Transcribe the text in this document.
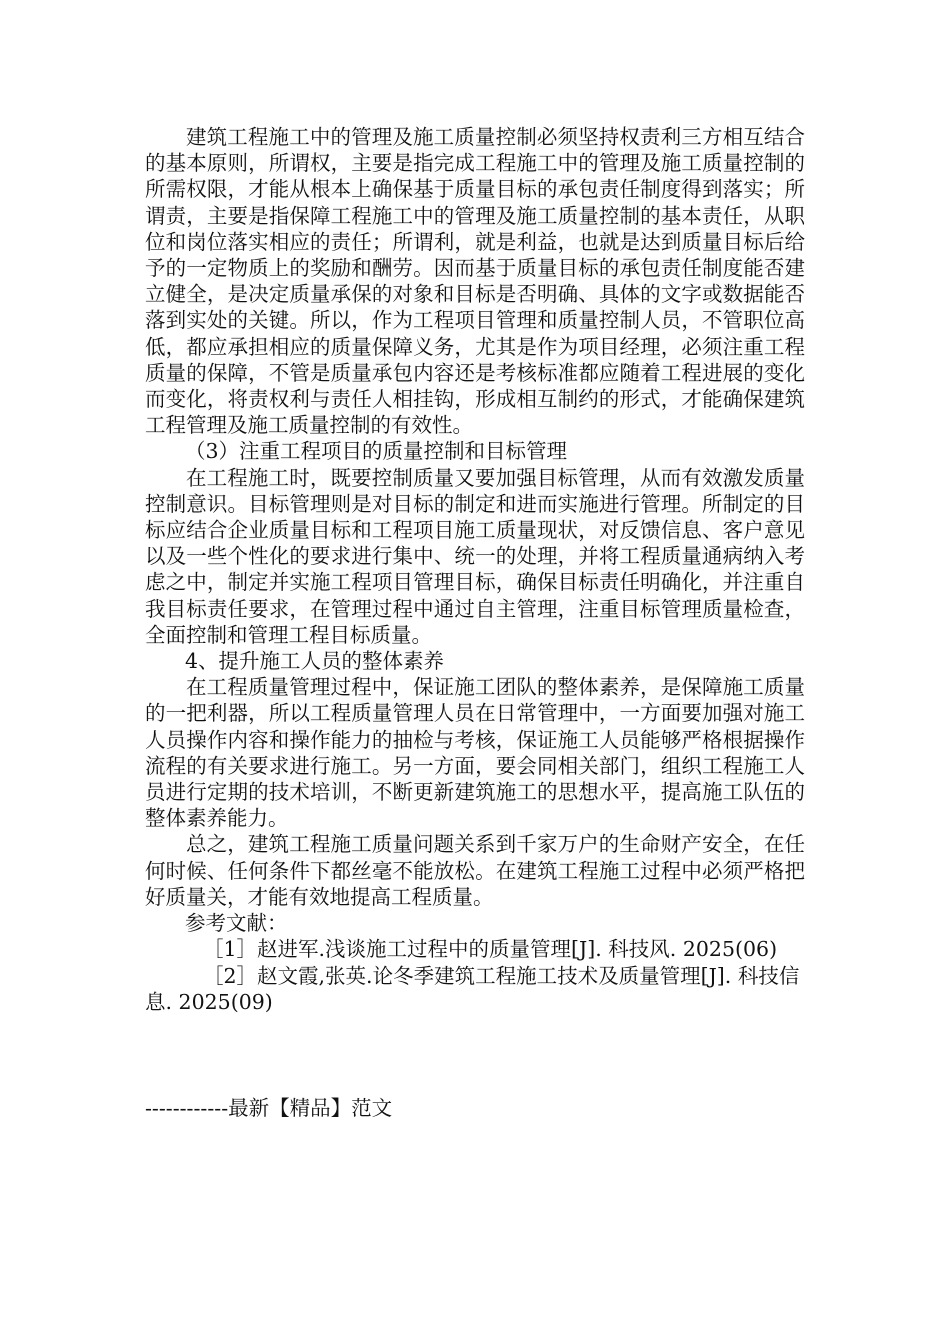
建筑工程施工中的管理及施工质量控制必须坚持权责利三方相互结合的基本原则，所谓权，主要是指完成工程施工中的管理及施工质量控制的所需权限，才能从根本上确保基于质量目标的承包责任制度得到落实；所谓责，主要是指保障工程施工中的管理及施工质量控制的基本责任，从职位和岗位落实相应的责任；所谓利，就是利益，也就是达到质量目标后给予的一定物质上的奖励和酬劳。因而基于质量目标的承包责任制度能否建立健全，是决定质量承保的对象和目标是否明确、具体的文字或数据能否落到实处的关键。所以，作为工程项目管理和质量控制人员，不管职位高低，都应承担相应的质量保障义务，尤其是作为项目经理，必须注重工程质量的保障，不管是质量承包内容还是考核标准都应随着工程进展的变化而变化，将责权利与责任人相挂钩，形成相互制约的形式，才能确保建筑工程管理及施工质量控制的有效性。

（3）注重工程项目的质量控制和目标管理

在工程施工时，既要控制质量又要加强目标管理，从而有效激发质量控制意识。目标管理则是对目标的制定和进而实施进行管理。所制定的目标应结合企业质量目标和工程项目施工质量现状，对反馈信息、客户意见以及一些个性化的要求进行集中、统一的处理，并将工程质量通病纳入考虑之中，制定并实施工程项目管理目标，确保目标责任明确化，并注重自我目标责任要求，在管理过程中通过自主管理，注重目标管理质量检查，全面控制和管理工程目标质量。

4、提升施工人员的整体素养

在工程质量管理过程中，保证施工团队的整体素养，是保障施工质量的一把利器，所以工程质量管理人员在日常管理中，一方面要加强对施工人员操作内容和操作能力的抽检与考核，保证施工人员能够严格根据操作流程的有关要求进行施工。另一方面，要会同相关部门，组织工程施工人员进行定期的技术培训，不断更新建筑施工的思想水平，提高施工队伍的整体素养能力。

总之，建筑工程施工质量问题关系到千家万户的生命财产安全，在任何时候、任何条件下都丝毫不能放松。在建筑工程施工过程中必须严格把好质量关，才能有效地提高工程质量。

参考文献：

［1］赵进军.浅谈施工过程中的质量管理[J]. 科技风. 2025(06)

［2］赵文霞,张英.论冬季建筑工程施工技术及质量管理[J]. 科技信息. 2025(09)

------------最新【精品】范文
